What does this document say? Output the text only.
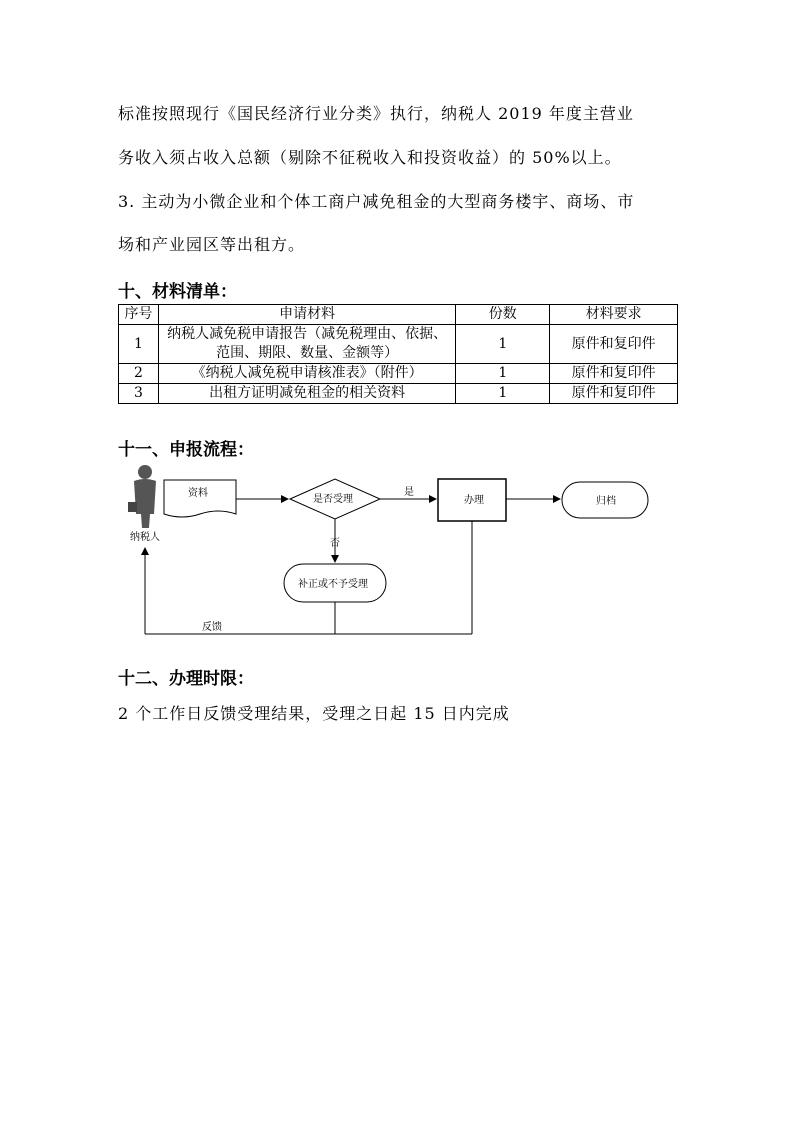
标准按照现行《国民经济行业分类》执行，纳税人 2019 年度主营业
务收入须占收入总额（剔除不征税收入和投资收益）的 50%以上。
3. 主动为小微企业和个体工商户减免租金的大型商务楼宇、商场、市
场和产业园区等出租方。
十、材料清单：
序号	申请材料	份数	材料要求
1	纳税人减免税申请报告（减免税理由、依据、
范围、期限、数量、金额等）	1	原件和复印件
2	《纳税人减免税申请核准表》（附件）	1	原件和复印件
3	出租方证明减免租金的相关资料	1	原件和复印件
十一、申报流程：
纳税人
资料
是否受理
是
办理	归档
否
补正或不予受理
反馈
十二、办理时限：
2 个工作日反馈受理结果，受理之日起 15 日内完成
